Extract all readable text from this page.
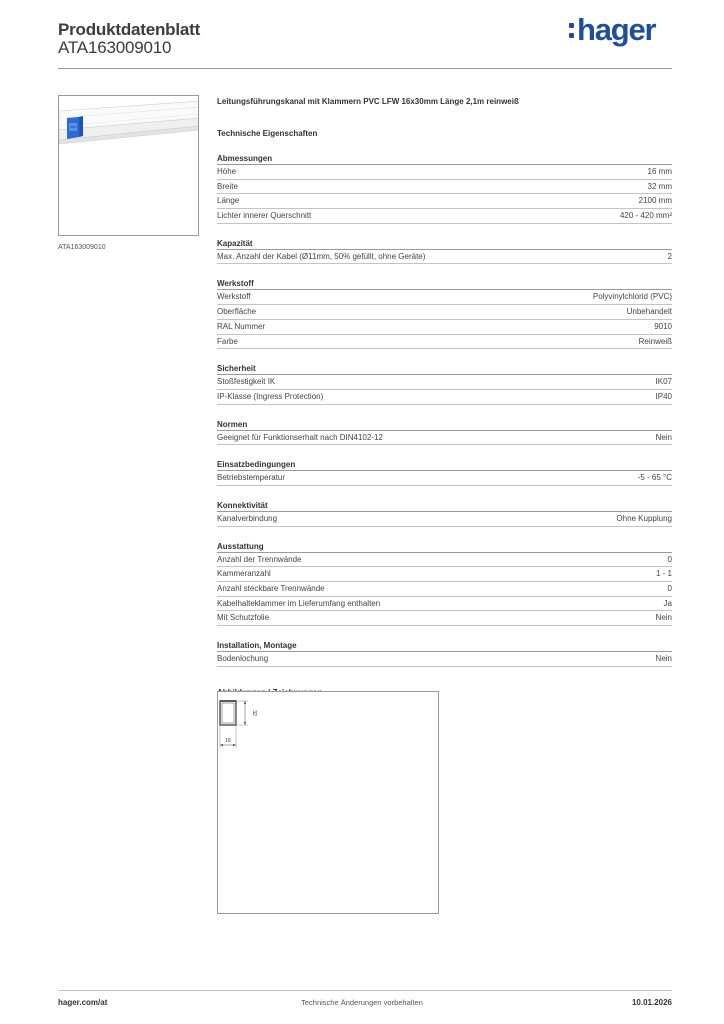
Produktdatenblatt
ATA163009010
hager
ATA163009010
Leitungsführungskanal mit Klammern PVC LFW 16x30mm Länge 2,1m reinweiß
Technische Eigenschaften
Abmessungen
Höhe	16 mm
Breite	32 mm
Länge	2100 mm
Lichter innerer Querschnitt	420 - 420 mm²
Kapazität
Max. Anzahl der Kabel (Ø11mm, 50% gefüllt, ohne Geräte)	2
Werkstoff
Werkstoff	Polyvinylchlorid (PVC)
Oberfläche	Unbehandelt
RAL Nummer	9010
Farbe	Reinweiß
Sicherheit
Stoßfestigkeit IK	IK07
IP-Klasse (Ingress Protection)	IP40
Normen
Geeignet für Funktionserhalt nach DIN4102-12	Nein
Einsatzbedingungen
Betriebstemperatur	-5 - 65 °C
Konnektivität
Kanalverbindung	Ohne Kupplung
Ausstattung
Anzahl der Trennwände	0
Kammeranzahl	1 - 1
Anzahl steckbare Trennwände	0
Kabelhalteklammer im Lieferumfang enthalten	Ja
Mit Schutzfolie	Nein
Installation, Montage
Bodenlochung	Nein
32
16
hager.com/at	Technische Änderungen vorbehalten	10.01.2026
